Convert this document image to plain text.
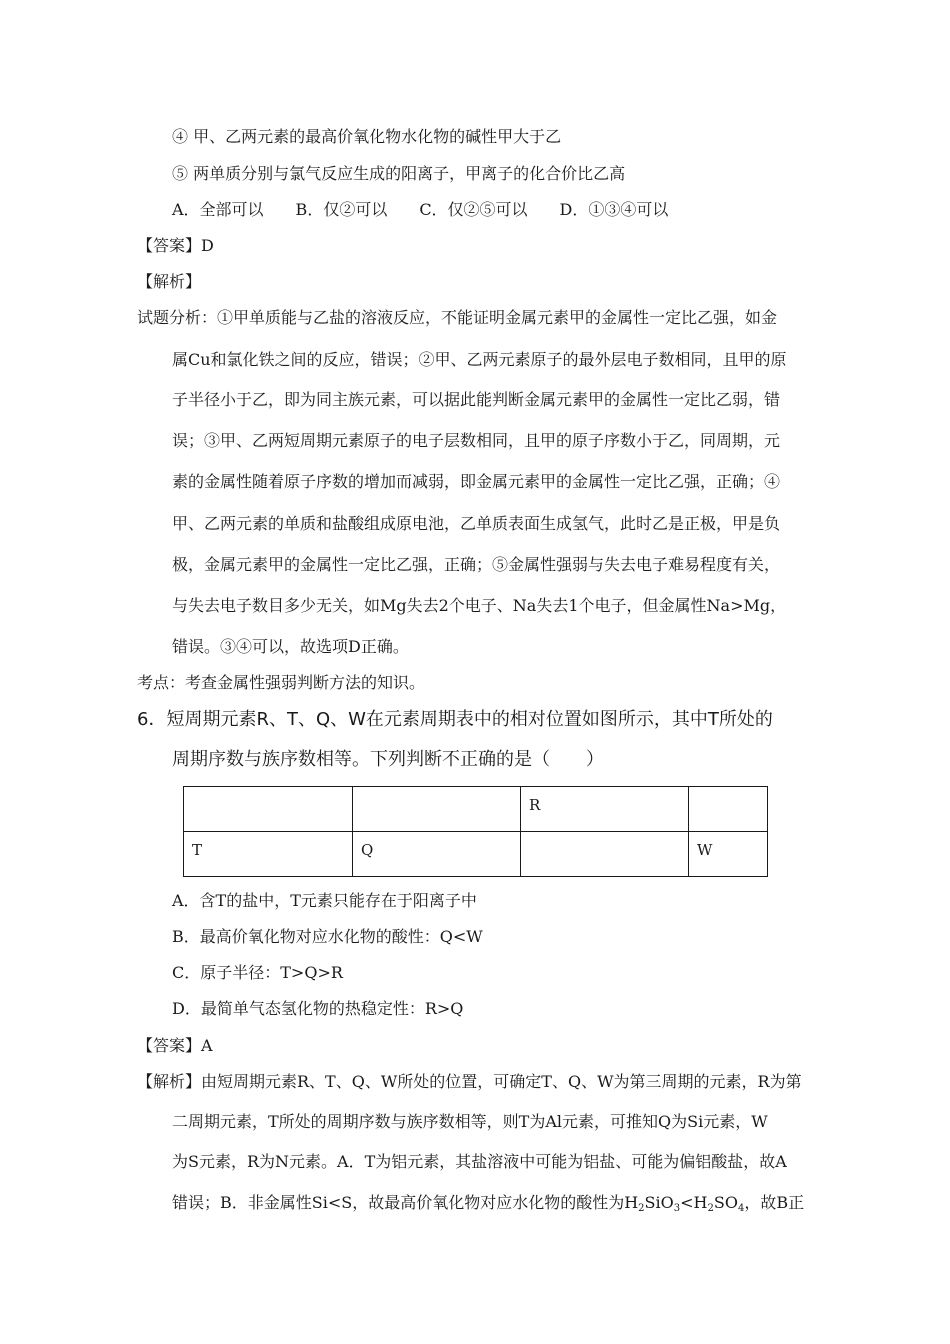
④ 甲、乙两元素的最高价氧化物水化物的碱性甲大于乙
⑤ 两单质分别与氯气反应生成的阳离子，甲离子的化合价比乙高
A．全部可以　　B．仅②可以　　C．仅②⑤可以　　D．①③④可以
【答案】D
【解析】
试题分析：①甲单质能与乙盐的溶液反应，不能证明金属元素甲的金属性一定比乙强，如金
属Cu和氯化铁之间的反应，错误；②甲、乙两元素原子的最外层电子数相同，且甲的原
子半径小于乙，即为同主族元素，可以据此能判断金属元素甲的金属性一定比乙弱，错
误；③甲、乙两短周期元素原子的电子层数相同，且甲的原子序数小于乙，同周期，元
素的金属性随着原子序数的增加而减弱，即金属元素甲的金属性一定比乙强，正确；④
甲、乙两元素的单质和盐酸组成原电池，乙单质表面生成氢气，此时乙是正极，甲是负
极，金属元素甲的金属性一定比乙强，正确；⑤金属性强弱与失去电子难易程度有关，
与失去电子数目多少无关，如Mg失去2个电子、Na失去1个电子，但金属性Na>Mg，
错误。③④可以，故选项D正确。
考点：考查金属性强弱判断方法的知识。
6．短周期元素R、T、Q、W在元素周期表中的相对位置如图所示，其中T所处的
周期序数与族序数相等。下列判断不正确的是（　　）
		R	
T	Q		W
A．含T的盐中，T元素只能存在于阳离子中
B．最高价氧化物对应水化物的酸性：Q<W
C．原子半径：T>Q>R
D．最简单气态氢化物的热稳定性：R>Q
【答案】A
【解析】由短周期元素R、T、Q、W所处的位置，可确定T、Q、W为第三周期的元素，R为第
二周期元素，T所处的周期序数与族序数相等，则T为Al元素，可推知Q为Si元素，W
为S元素，R为N元素。A．T为铝元素，其盐溶液中可能为铝盐、可能为偏铝酸盐，故A
错误；B．非金属性Si<S，故最高价氧化物对应水化物的酸性为$H_2SiO_3<H_2SO_4$，故B正
